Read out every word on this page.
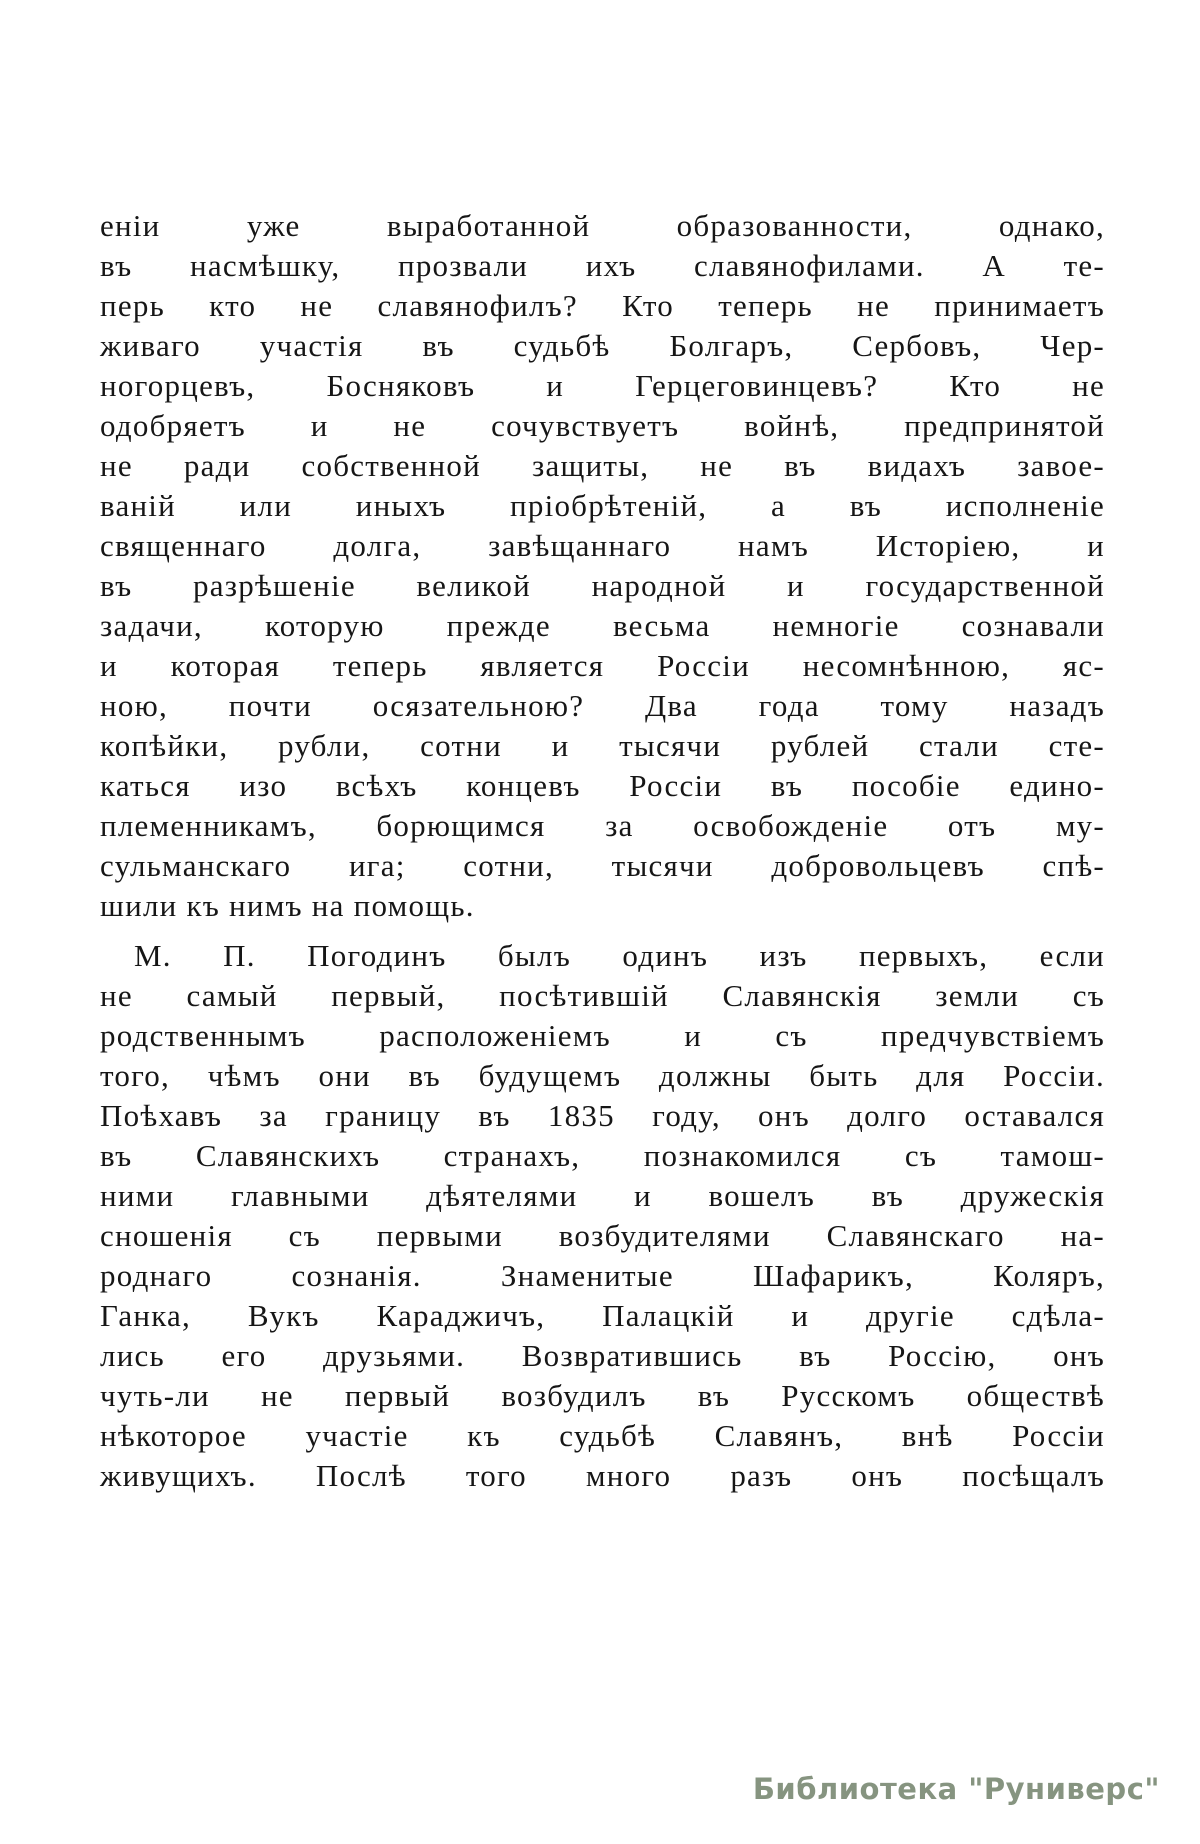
еніи уже выработанной образованности, однако,
въ насмѣшку, прозвали ихъ славянофилами. А те-
перь кто не славянофилъ? Кто теперь не принимаетъ
живаго участія въ судьбѣ Болгаръ, Сербовъ, Чер-
ногорцевъ, Босняковъ и Герцеговинцевъ? Кто не
одобряетъ и не сочувствуетъ войнѣ, предпринятой
не ради собственной защиты, не въ видахъ завое-
ваній или иныхъ пріобрѣтеній, а въ исполненіе
священнаго долга, завѣщаннаго намъ Исторіею, и
въ разрѣшеніе великой народной и государственной
задачи, которую прежде весьма немногіе сознавали
и которая теперь является Россіи несомнѣнною, яс-
ною, почти осязательною? Два года тому назадъ
копѣйки, рубли, сотни и тысячи рублей стали сте-
каться изо всѣхъ концевъ Россіи въ пособіе едино-
племенникамъ, борющимся за освобожденіе отъ му-
сульманскаго ига; сотни, тысячи добровольцевъ спѣ-
шили къ нимъ на помощь.
М. П. Погодинъ былъ одинъ изъ первыхъ, если
не самый первый, посѣтившій Славянскія земли съ
родственнымъ расположеніемъ и съ предчувствіемъ
того, чѣмъ они въ будущемъ должны быть для Россіи.
Поѣхавъ за границу въ 1835 году, онъ долго оставался
въ Славянскихъ странахъ, познакомился съ тамош-
ними главными дѣятелями и вошелъ въ дружескія
сношенія съ первыми возбудителями Славянскаго на-
роднаго сознанія. Знаменитые Шафарикъ, Коляръ,
Ганка, Вукъ Караджичъ, Палацкій и другіе сдѣла-
лись его друзьями. Возвратившись въ Россію, онъ
чуть-ли не первый возбудилъ въ Русскомъ обществѣ
нѣкоторое участіе къ судьбѣ Славянъ, внѣ Россіи
живущихъ. Послѣ того много разъ онъ посѣщалъ
Библиотека "Руниверс"
